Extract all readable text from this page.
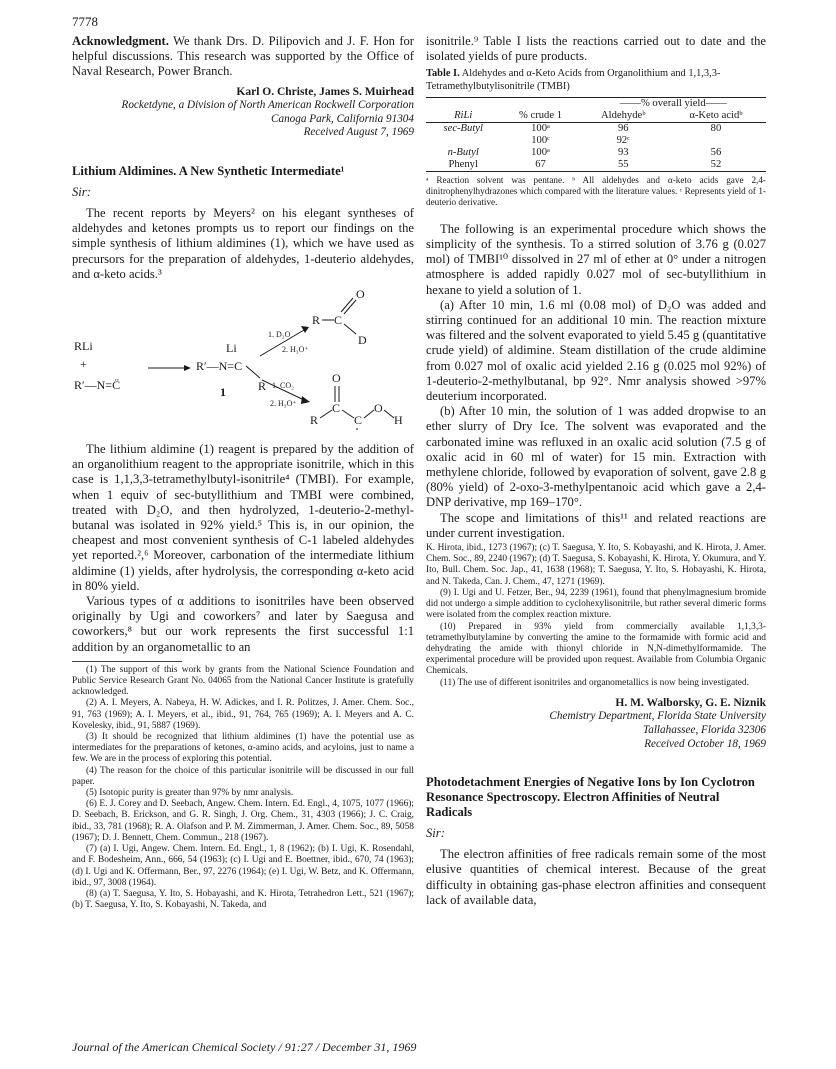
7778

Acknowledgment. We thank Drs. D. Pilipovich and J. F. Hon for helpful discussions. This research was supported by the Office of Naval Research, Power Branch.

Karl O. Christe, James S. Muirhead

Rocketdyne, a Division of North American Rockwell Corporation

Canoga Park, California 91304

Received August 7, 1969

Lithium Aldimines. A New Synthetic Intermediate¹

Sir:

The recent reports by Meyers² on his elegant syntheses of aldehydes and ketones prompts us to report our findings on the simple synthesis of lithium aldimines (1), which we have used as precursors for the preparation of aldehydes, 1-deuterio aldehydes, and α-keto acids.³

RLi
+
R′—N=C̈
Li
R′—N=C
R
1
1. D₂O
2. H₃O⁺
1. CO₂
2. H₃O⁺
R C
O
D
R
C
O
C
O
H

The lithium aldimine (1) reagent is prepared by the addition of an organolithium reagent to the appropriate isonitrile, which in this case is 1,1,3,3-tetramethylbutyl-isonitrile⁴ (TMBI). For example, when 1 equiv of sec-butyllithium and TMBI were combined, treated with D₂O, and then hydrolyzed, 1-deuterio-2-methyl-butanal was isolated in 92% yield.⁵ This is, in our opinion, the cheapest and most convenient synthesis of C-1 labeled aldehydes yet reported.²,⁶ Moreover, carbonation of the intermediate lithium aldimine (1) yields, after hydrolysis, the corresponding α-keto acid in 80% yield.

Various types of α additions to isonitriles have been observed originally by Ugi and coworkers⁷ and later by Saegusa and coworkers,⁸ but our work represents the first successful 1:1 addition by an organometallic to an

(1) The support of this work by grants from the National Science Foundation and Public Service Research Grant No. 04065 from the National Cancer Institute is gratefully acknowledged.

(2) A. I. Meyers, A. Nabeya, H. W. Adickes, and I. R. Politzes, J. Amer. Chem. Soc., 91, 763 (1969); A. I. Meyers, et al., ibid., 91, 764, 765 (1969); A. I. Meyers and A. C. Kovelesky, ibid., 91, 5887 (1969).

(3) It should be recognized that lithium aldimines (1) have the potential use as intermediates for the preparations of ketones, α-amino acids, and acyloins, just to name a few. We are in the process of exploring this potential.

(4) The reason for the choice of this particular isonitrile will be discussed in our full paper.

(5) Isotopic purity is greater than 97% by nmr analysis.

(6) E. J. Corey and D. Seebach, Angew. Chem. Intern. Ed. Engl., 4, 1075, 1077 (1966); D. Seebach, B. Erickson, and G. R. Singh, J. Org. Chem., 31, 4303 (1966); J. C. Craig, ibid., 33, 781 (1968); R. A. Olafson and P. M. Zimmerman, J. Amer. Chem. Soc., 89, 5058 (1967); D. J. Bennett, Chem. Commun., 218 (1967).

(7) (a) I. Ugi, Angew. Chem. Intern. Ed. Engl., 1, 8 (1962); (b) I. Ugi, K. Rosendahl, and F. Bodesheim, Ann., 666, 54 (1963); (c) I. Ugi and E. Boettner, ibid., 670, 74 (1963); (d) I. Ugi and K. Offermann, Ber., 97, 2276 (1964); (e) I. Ugi, W. Betz, and K. Offermann, ibid., 97, 3008 (1964).

(8) (a) T. Saegusa, Y. Ito, S. Hobayashi, and K. Hirota, Tetrahedron Lett., 521 (1967); (b) T. Saegusa, Y. Ito, S. Kobayashi, N. Takeda, and

isonitrile.⁹ Table I lists the reactions carried out to date and the isolated yields of pure products.

Table I. Aldehydes and α-Keto Acids from Organolithium and 1,1,3,3-Tetramethylbutylisonitrile (TMBI)

		——% overall yield——	
RiLi	% crude 1	Aldehydeᵇ	α-Keto acidᵇ

sec-Butyl	100ᵃ	96	80
	100ᶜ	92ᶜ	
n-Butyl	100ᵃ	93	56
Phenyl	67	55	52

ᵃ Reaction solvent was pentane. ᵇ All aldehydes and α-keto acids gave 2,4-dinitrophenylhydrazones which compared with the literature values. ᶜ Represents yield of 1-deuterio derivative.

The following is an experimental procedure which shows the simplicity of the synthesis. To a stirred solution of 3.76 g (0.027 mol) of TMBI¹⁰ dissolved in 27 ml of ether at 0° under a nitrogen atmosphere is added rapidly 0.027 mol of sec-butyllithium in hexane to yield a solution of 1.

(a) After 10 min, 1.6 ml (0.08 mol) of D₂O was added and stirring continued for an additional 10 min. The reaction mixture was filtered and the solvent evaporated to yield 5.45 g (quantitative crude yield) of aldimine. Steam distillation of the crude aldimine from 0.027 mol of oxalic acid yielded 2.16 g (0.025 mol 92%) of 1-deuterio-2-methylbutanal, bp 92°. Nmr analysis showed >97% deuterium incorporated.

(b) After 10 min, the solution of 1 was added dropwise to an ether slurry of Dry Ice. The solvent was evaporated and the carbonated imine was refluxed in an oxalic acid solution (7.5 g of oxalic acid in 60 ml of water) for 15 min. Extraction with methylene chloride, followed by evaporation of solvent, gave 2.8 g (80% yield) of 2-oxo-3-methylpentanoic acid which gave a 2,4-DNP derivative, mp 169–170°.

The scope and limitations of this¹¹ and related reactions are under current investigation.

K. Hirota, ibid., 1273 (1967); (c) T. Saegusa, Y. Ito, S. Kobayashi, and K. Hirota, J. Amer. Chem. Soc., 89, 2240 (1967); (d) T. Saegusa, S. Kobayashi, K. Hirota, Y. Okumura, and Y. Ito, Bull. Chem. Soc. Jap., 41, 1638 (1968); T. Saegusa, Y. Ito, S. Hobayashi, K. Hirota, and N. Takeda, Can. J. Chem., 47, 1271 (1969).

(9) I. Ugi and U. Fetzer, Ber., 94, 2239 (1961), found that phenylmagnesium bromide did not undergo a simple addition to cyclohexylisonitrile, but rather several dimeric forms were isolated from the complex reaction mixture.

(10) Prepared in 93% yield from commercially available 1,1,3,3-tetramethylbutylamine by converting the amine to the formamide with formic acid and dehydrating the amide with thionyl chloride in N,N-dimethylformamide. The experimental procedure will be provided upon request. Available from Columbia Organic Chemicals.

(11) The use of different isonitriles and organometallics is now being investigated.

H. M. Walborsky, G. E. Niznik

Chemistry Department, Florida State University

Tallahassee, Florida 32306

Received October 18, 1969

Photodetachment Energies of Negative Ions by Ion Cyclotron Resonance Spectroscopy. Electron Affinities of Neutral Radicals

Sir:

The electron affinities of free radicals remain some of the most elusive quantities of chemical interest. Because of the great difficulty in obtaining gas-phase electron affinities and consequent lack of available data,

Journal of the American Chemical Society / 91:27 / December 31, 1969
